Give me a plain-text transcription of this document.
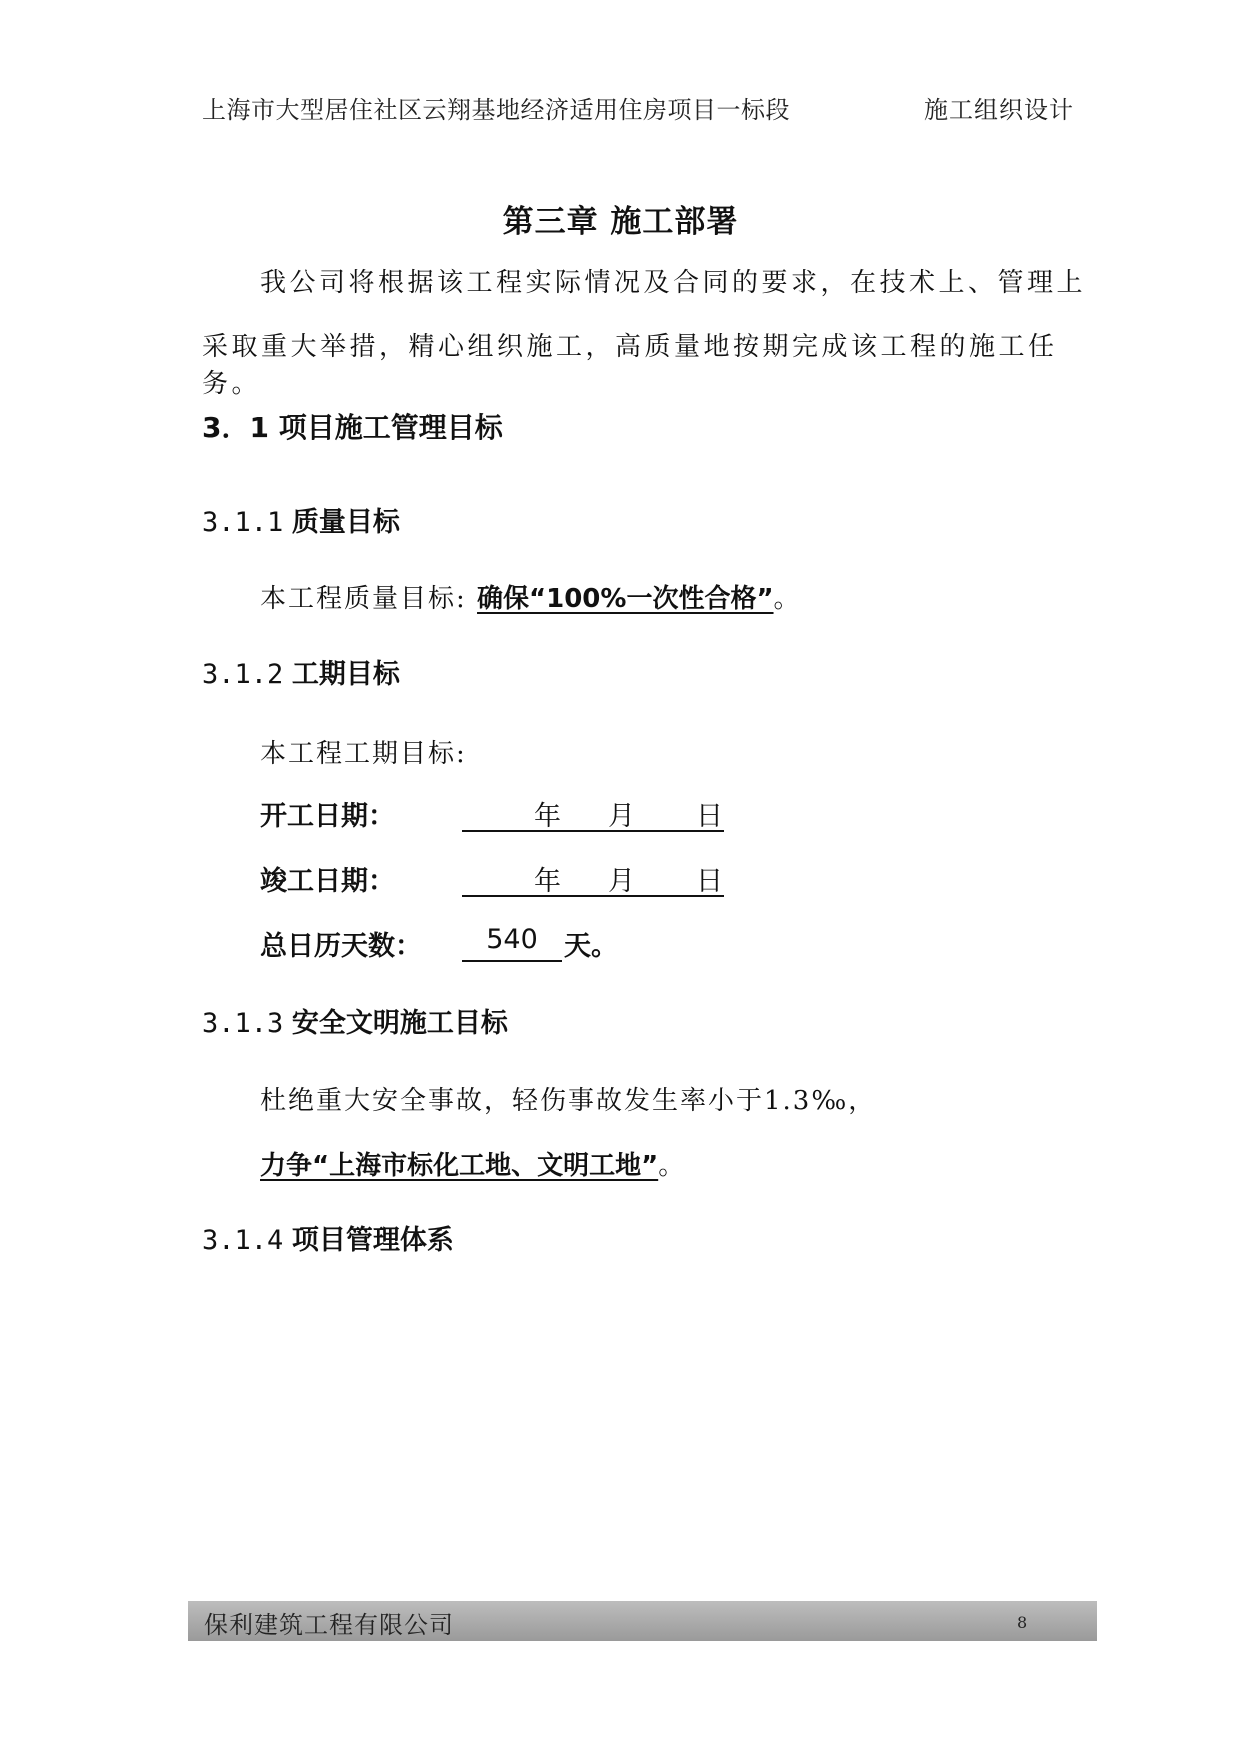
上海市大型居住社区云翔基地经济适用住房项目一标段	施工组织设计
第三章 施工部署
我公司将根据该工程实际情况及合同的要求，在技术上、管理上
采取重大举措，精心组织施工，高质量地按期完成该工程的施工任务。
3．1 项目施工管理目标
3.1.1 质量目标
本工程质量目标: 确保“100%一次性合格”。
3.1.2 工期目标
本工程工期目标:
开工日期：	年 月 日
竣工日期：	年 月 日
总日历天数：	540 天。
3.1.3 安全文明施工目标
杜绝重大安全事故，轻伤事故发生率小于1.3‰，
力争“上海市标化工地、文明工地”。
3.1.4 项目管理体系
保利建筑工程有限公司	8
